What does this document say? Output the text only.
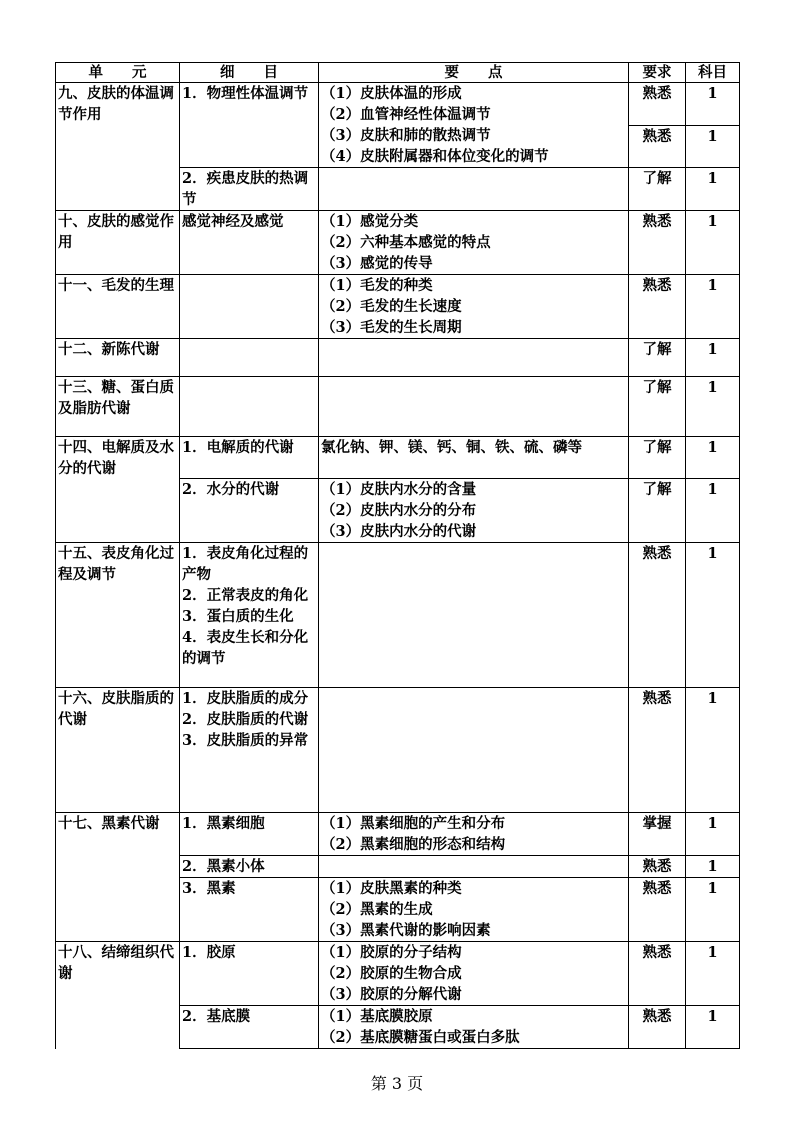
单　　元	细　　目	要　　点	要求	科目
九、皮肤的体温调节作用	1．物理性体温调节	（1）皮肤体温的形成
（2）血管神经性体温调节
（3）皮肤和肺的散热调节
（4）皮肤附属器和体位变化的调节	熟悉	1
			熟悉	1
	2．疾患皮肤的热调节		了解	1
十、皮肤的感觉作用	感觉神经及感觉	（1）感觉分类
（2）六种基本感觉的特点
（3）感觉的传导	熟悉	1
十一、毛发的生理		（1）毛发的种类
（2）毛发的生长速度
（3）毛发的生长周期	熟悉	1
十二、新陈代谢			了解	1
十三、糖、蛋白质及脂肪代谢			了解	1
十四、电解质及水分的代谢	1．电解质的代谢	氯化钠、钾、镁、钙、铜、铁、硫、磷等	了解	1
	2．水分的代谢	（1）皮肤内水分的含量
（2）皮肤内水分的分布
（3）皮肤内水分的代谢	了解	1
十五、表皮角化过程及调节	1．表皮角化过程的产物
2．正常表皮的角化
3．蛋白质的生化
4．表皮生长和分化的调节		熟悉	1
十六、皮肤脂质的代谢	1．皮肤脂质的成分
2．皮肤脂质的代谢
3．皮肤脂质的异常		熟悉	1
十七、黑素代谢	1．黑素细胞	（1）黑素细胞的产生和分布
（2）黑素细胞的形态和结构	掌握	1
	2．黑素小体		熟悉	1
	3．黑素	（1）皮肤黑素的种类
（2）黑素的生成
（3）黑素代谢的影响因素	熟悉	1
十八、结缔组织代谢	1．胶原	（1）胶原的分子结构
（2）胶原的生物合成
（3）胶原的分解代谢	熟悉	1
	2．基底膜	（1）基底膜胶原
（2）基底膜糖蛋白或蛋白多肽	熟悉	1
第 3 页
